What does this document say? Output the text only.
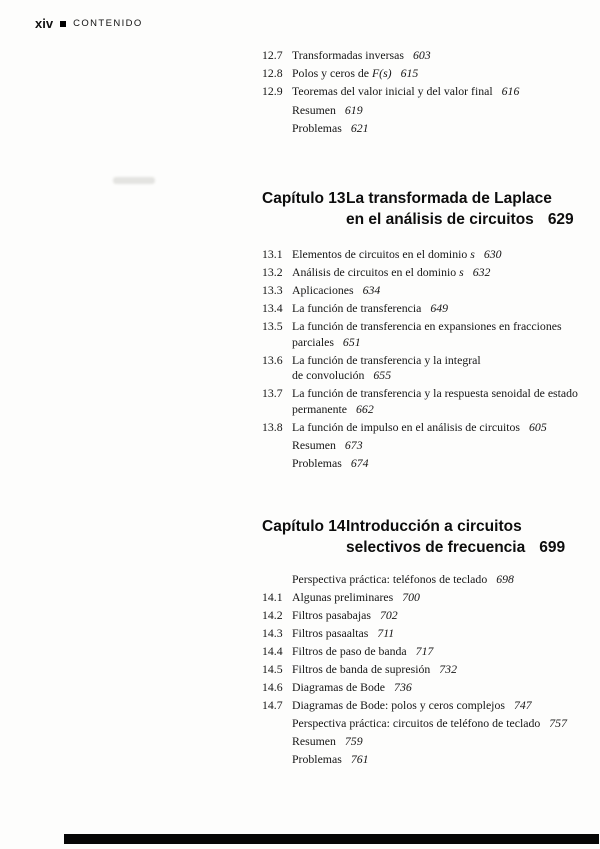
xiv CONTENIDO
12.7 Transformadas inversas 603
12.8 Polos y ceros de F(s) 615
12.9 Teoremas del valor inicial y del valor final 616
Resumen 619
Problemas 621
Capítulo 13 La transformada de Laplace
en el análisis de circuitos 629
13.1 Elementos de circuitos en el dominio s 630
13.2 Análisis de circuitos en el dominio s 632
13.3 Aplicaciones 634
13.4 La función de transferencia 649
13.5 La función de transferencia en expansiones en fracciones
parciales 651
13.6 La función de transferencia y la integral
de convolución 655
13.7 La función de transferencia y la respuesta senoidal de estado
permanente 662
13.8 La función de impulso en el análisis de circuitos 605
Resumen 673
Problemas 674
Capítulo 14 Introducción a circuitos
selectivos de frecuencia 699
Perspectiva práctica: teléfonos de teclado 698
14.1 Algunas preliminares 700
14.2 Filtros pasabajas 702
14.3 Filtros pasaaltas 711
14.4 Filtros de paso de banda 717
14.5 Filtros de banda de supresión 732
14.6 Diagramas de Bode 736
14.7 Diagramas de Bode: polos y ceros complejos 747
Perspectiva práctica: circuitos de teléfono de teclado 757
Resumen 759
Problemas 761
